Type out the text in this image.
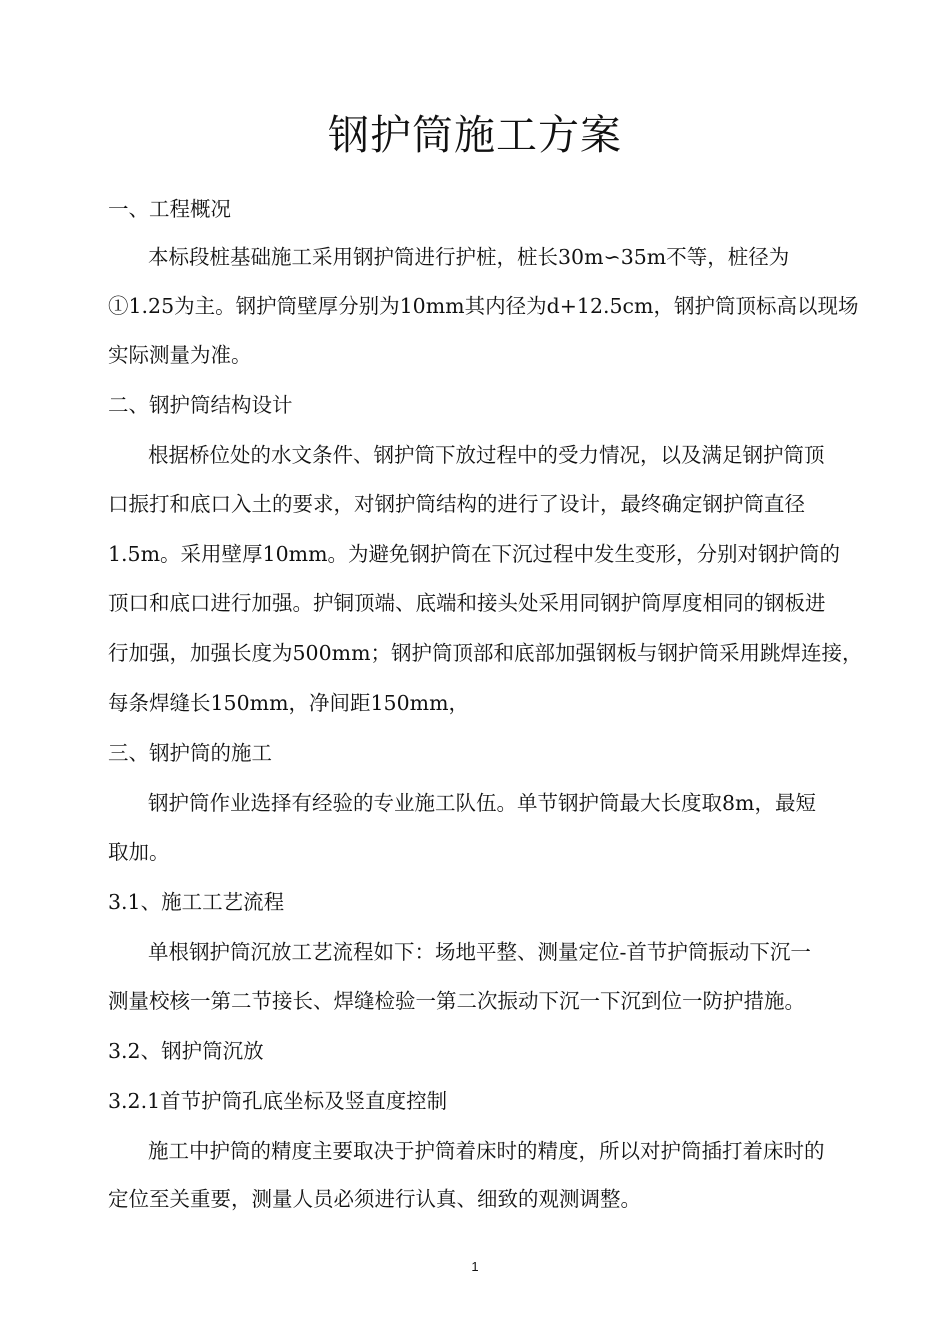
钢护筒施工方案
一、工程概况
本标段桩基础施工采用钢护筒进行护桩，桩长30m∽35m不等，桩径为
①1.25为主。钢护筒壁厚分别为10mm其内径为d+12.5cm，钢护筒顶标高以现场
实际测量为准。
二、钢护筒结构设计
根据桥位处的水文条件、钢护筒下放过程中的受力情况，以及满足钢护筒顶
口振打和底口入土的要求，对钢护筒结构的进行了设计，最终确定钢护筒直径
1.5m。采用壁厚10mm。为避免钢护筒在下沉过程中发生变形，分别对钢护筒的
顶口和底口进行加强。护铜顶端、底端和接头处采用同钢护筒厚度相同的钢板进
行加强，加强长度为500mm；钢护筒顶部和底部加强钢板与钢护筒采用跳焊连接，
每条焊缝长150mm，净间距150mm，
三、钢护筒的施工
钢护筒作业选择有经验的专业施工队伍。单节钢护筒最大长度取8m，最短
取加。
3.1、施工工艺流程
单根钢护筒沉放工艺流程如下：场地平整、测量定位-首节护筒振动下沉一
测量校核一第二节接长、焊缝检验一第二次振动下沉一下沉到位一防护措施。
3.2、钢护筒沉放
3.2.1首节护筒孔底坐标及竖直度控制
施工中护筒的精度主要取决于护筒着床时的精度，所以对护筒插打着床时的
定位至关重要，测量人员必须进行认真、细致的观测调整。
1
